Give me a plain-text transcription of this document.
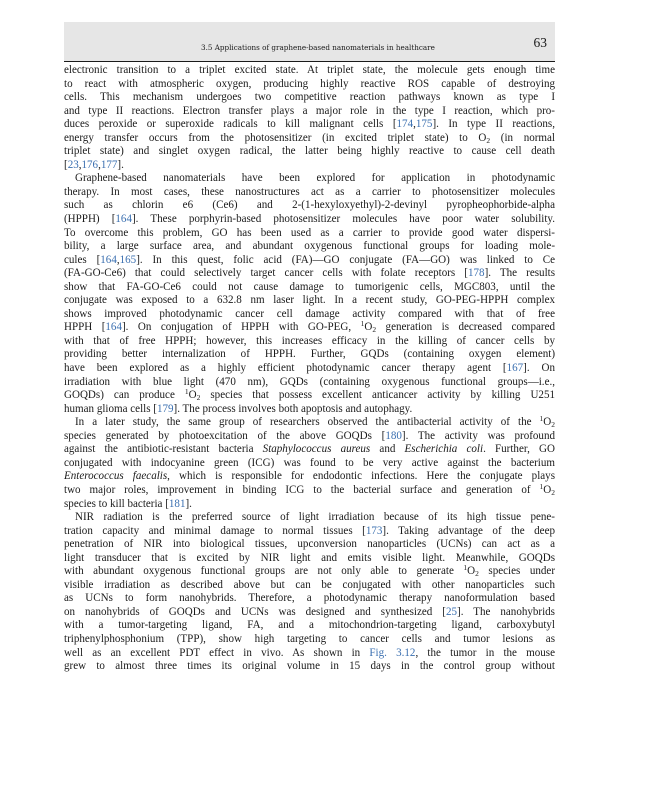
3.5 Applications of graphene-based nanomaterials in healthcare	63
electronic transition to a triplet excited state. At triplet state, the molecule gets enough time
to react with atmospheric oxygen, producing highly reactive ROS capable of destroying
cells. This mechanism undergoes two competitive reaction pathways known as type I
and type II reactions. Electron transfer plays a major role in the type I reaction, which pro-
duces peroxide or superoxide radicals to kill malignant cells [174,175]. In type II reactions,
energy transfer occurs from the photosensitizer (in excited triplet state) to $O_2$ (in normal
triplet state) and singlet oxygen radical, the latter being highly reactive to cause cell death
[23,176,177].
Graphene-based nanomaterials have been explored for application in photodynamic
therapy. In most cases, these nanostructures act as a carrier to photosensitizer molecules
such as chlorin e6 (Ce6) and 2-(1-hexyloxyethyl)-2-devinyl pyropheophorbide-alpha
(HPPH) [164]. These porphyrin-based photosensitizer molecules have poor water solubility.
To overcome this problem, GO has been used as a carrier to provide good water dispersi-
bility, a large surface area, and abundant oxygenous functional groups for loading mole-
cules [164,165]. In this quest, folic acid (FA)—GO conjugate (FA—GO) was linked to Ce
(FA-GO-Ce6) that could selectively target cancer cells with folate receptors [178]. The results
show that FA-GO-Ce6 could not cause damage to tumorigenic cells, MGC803, until the
conjugate was exposed to a 632.8 nm laser light. In a recent study, GO-PEG-HPPH complex
shows improved photodynamic cancer cell damage activity compared with that of free
HPPH [164]. On conjugation of HPPH with GO-PEG, $^1O_2$ generation is decreased compared
with that of free HPPH; however, this increases efficacy in the killing of cancer cells by
providing better internalization of HPPH. Further, GQDs (containing oxygen element)
have been explored as a highly efficient photodynamic cancer therapy agent [167]. On
irradiation with blue light (470 nm), GQDs (containing oxygenous functional groups—i.e.,
GOQDs) can produce $^1O_2$ species that possess excellent anticancer activity by killing U251
human glioma cells [179]. The process involves both apoptosis and autophagy.
In a later study, the same group of researchers observed the antibacterial activity of the $^1O_2$
species generated by photoexcitation of the above GOQDs [180]. The activity was profound
against the antibiotic-resistant bacteria Staphylococcus aureus and Escherichia coli. Further, GO
conjugated with indocyanine green (ICG) was found to be very active against the bacterium
Enterococcus faecalis, which is responsible for endodontic infections. Here the conjugate plays
two major roles, improvement in binding ICG to the bacterial surface and generation of $^1O_2$
species to kill bacteria [181].
NIR radiation is the preferred source of light irradiation because of its high tissue pene-
tration capacity and minimal damage to normal tissues [173]. Taking advantage of the deep
penetration of NIR into biological tissues, upconversion nanoparticles (UCNs) can act as a
light transducer that is excited by NIR light and emits visible light. Meanwhile, GOQDs
with abundant oxygenous functional groups are not only able to generate $^1O_2$ species under
visible irradiation as described above but can be conjugated with other nanoparticles such
as UCNs to form nanohybrids. Therefore, a photodynamic therapy nanoformulation based
on nanohybrids of GOQDs and UCNs was designed and synthesized [25]. The nanohybrids
with a tumor-targeting ligand, FA, and a mitochondrion-targeting ligand, carboxybutyl
triphenylphosphonium (TPP), show high targeting to cancer cells and tumor lesions as
well as an excellent PDT effect in vivo. As shown in Fig. 3.12, the tumor in the mouse
grew to almost three times its original volume in 15 days in the control group without
